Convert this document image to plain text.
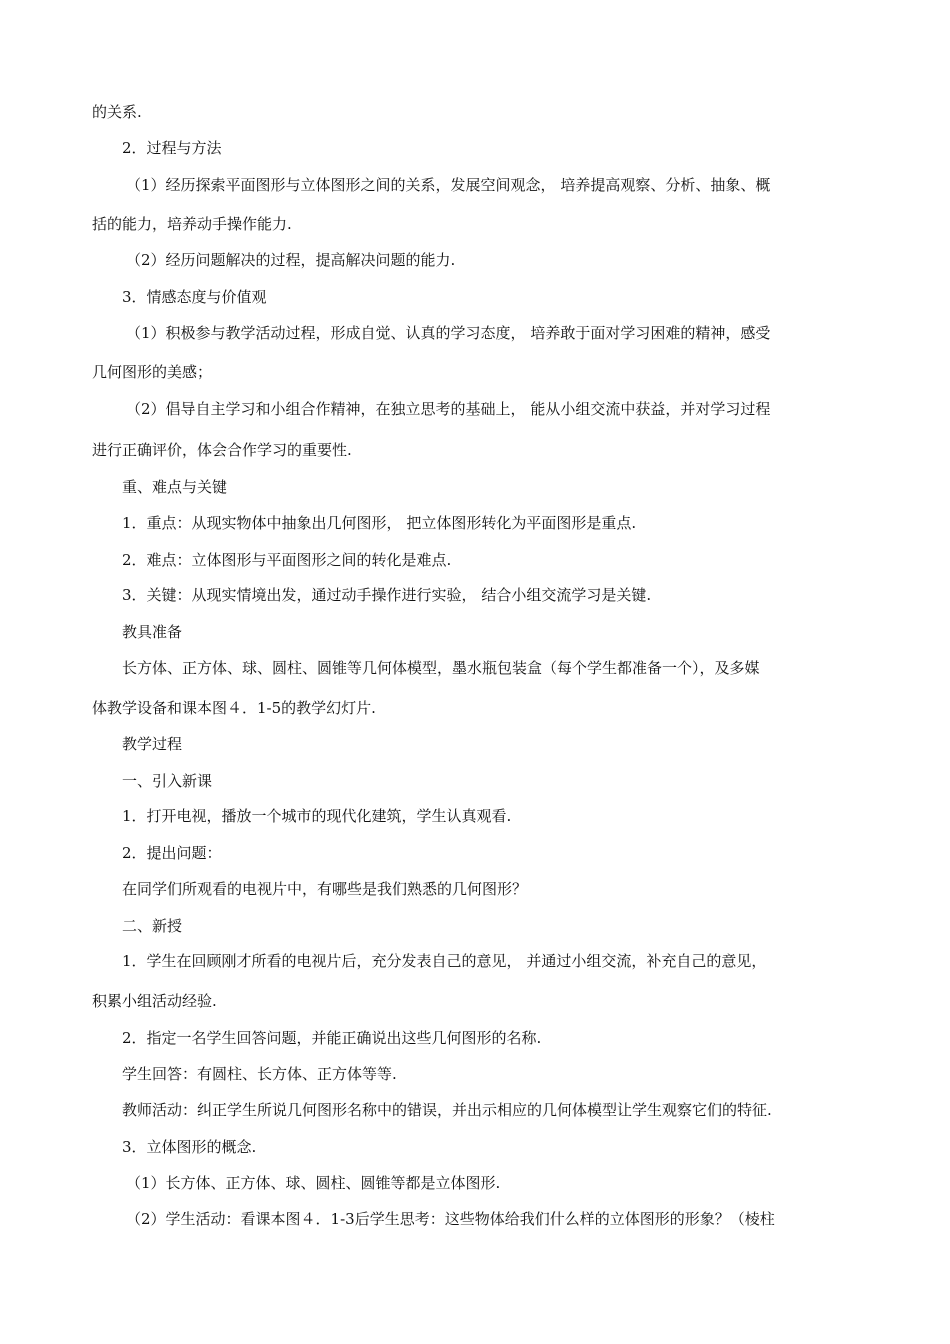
的关系.
2．过程与方法
（1）经历探索平面图形与立体图形之间的关系，发展空间观念， 培养提高观察、分析、抽象、概
括的能力，培养动手操作能力.
（2）经历问题解决的过程，提高解决问题的能力.
3．情感态度与价值观
（1）积极参与教学活动过程，形成自觉、认真的学习态度， 培养敢于面对学习困难的精神，感受
几何图形的美感；
（2）倡导自主学习和小组合作精神，在独立思考的基础上， 能从小组交流中获益，并对学习过程
进行正确评价，体会合作学习的重要性.
重、难点与关键
1．重点：从现实物体中抽象出几何图形， 把立体图形转化为平面图形是重点.
2．难点：立体图形与平面图形之间的转化是难点.
3．关键：从现实情境出发，通过动手操作进行实验， 结合小组交流学习是关键.
教具准备
长方体、正方体、球、圆柱、圆锥等几何体模型，墨水瓶包装盒（每个学生都准备一个），及多媒
体教学设备和课本图４．1-5的教学幻灯片.
教学过程
一、引入新课
1．打开电视，播放一个城市的现代化建筑，学生认真观看.
2．提出问题：
在同学们所观看的电视片中，有哪些是我们熟悉的几何图形？
二、新授
1．学生在回顾刚才所看的电视片后，充分发表自己的意见， 并通过小组交流，补充自己的意见，
积累小组活动经验.
2．指定一名学生回答问题，并能正确说出这些几何图形的名称.
学生回答：有圆柱、长方体、正方体等等.
教师活动：纠正学生所说几何图形名称中的错误，并出示相应的几何体模型让学生观察它们的特征.
3．立体图形的概念.
（1）长方体、正方体、球、圆柱、圆锥等都是立体图形.
（2）学生活动：看课本图４．1-3后学生思考：这些物体给我们什么样的立体图形的形象？（棱柱
